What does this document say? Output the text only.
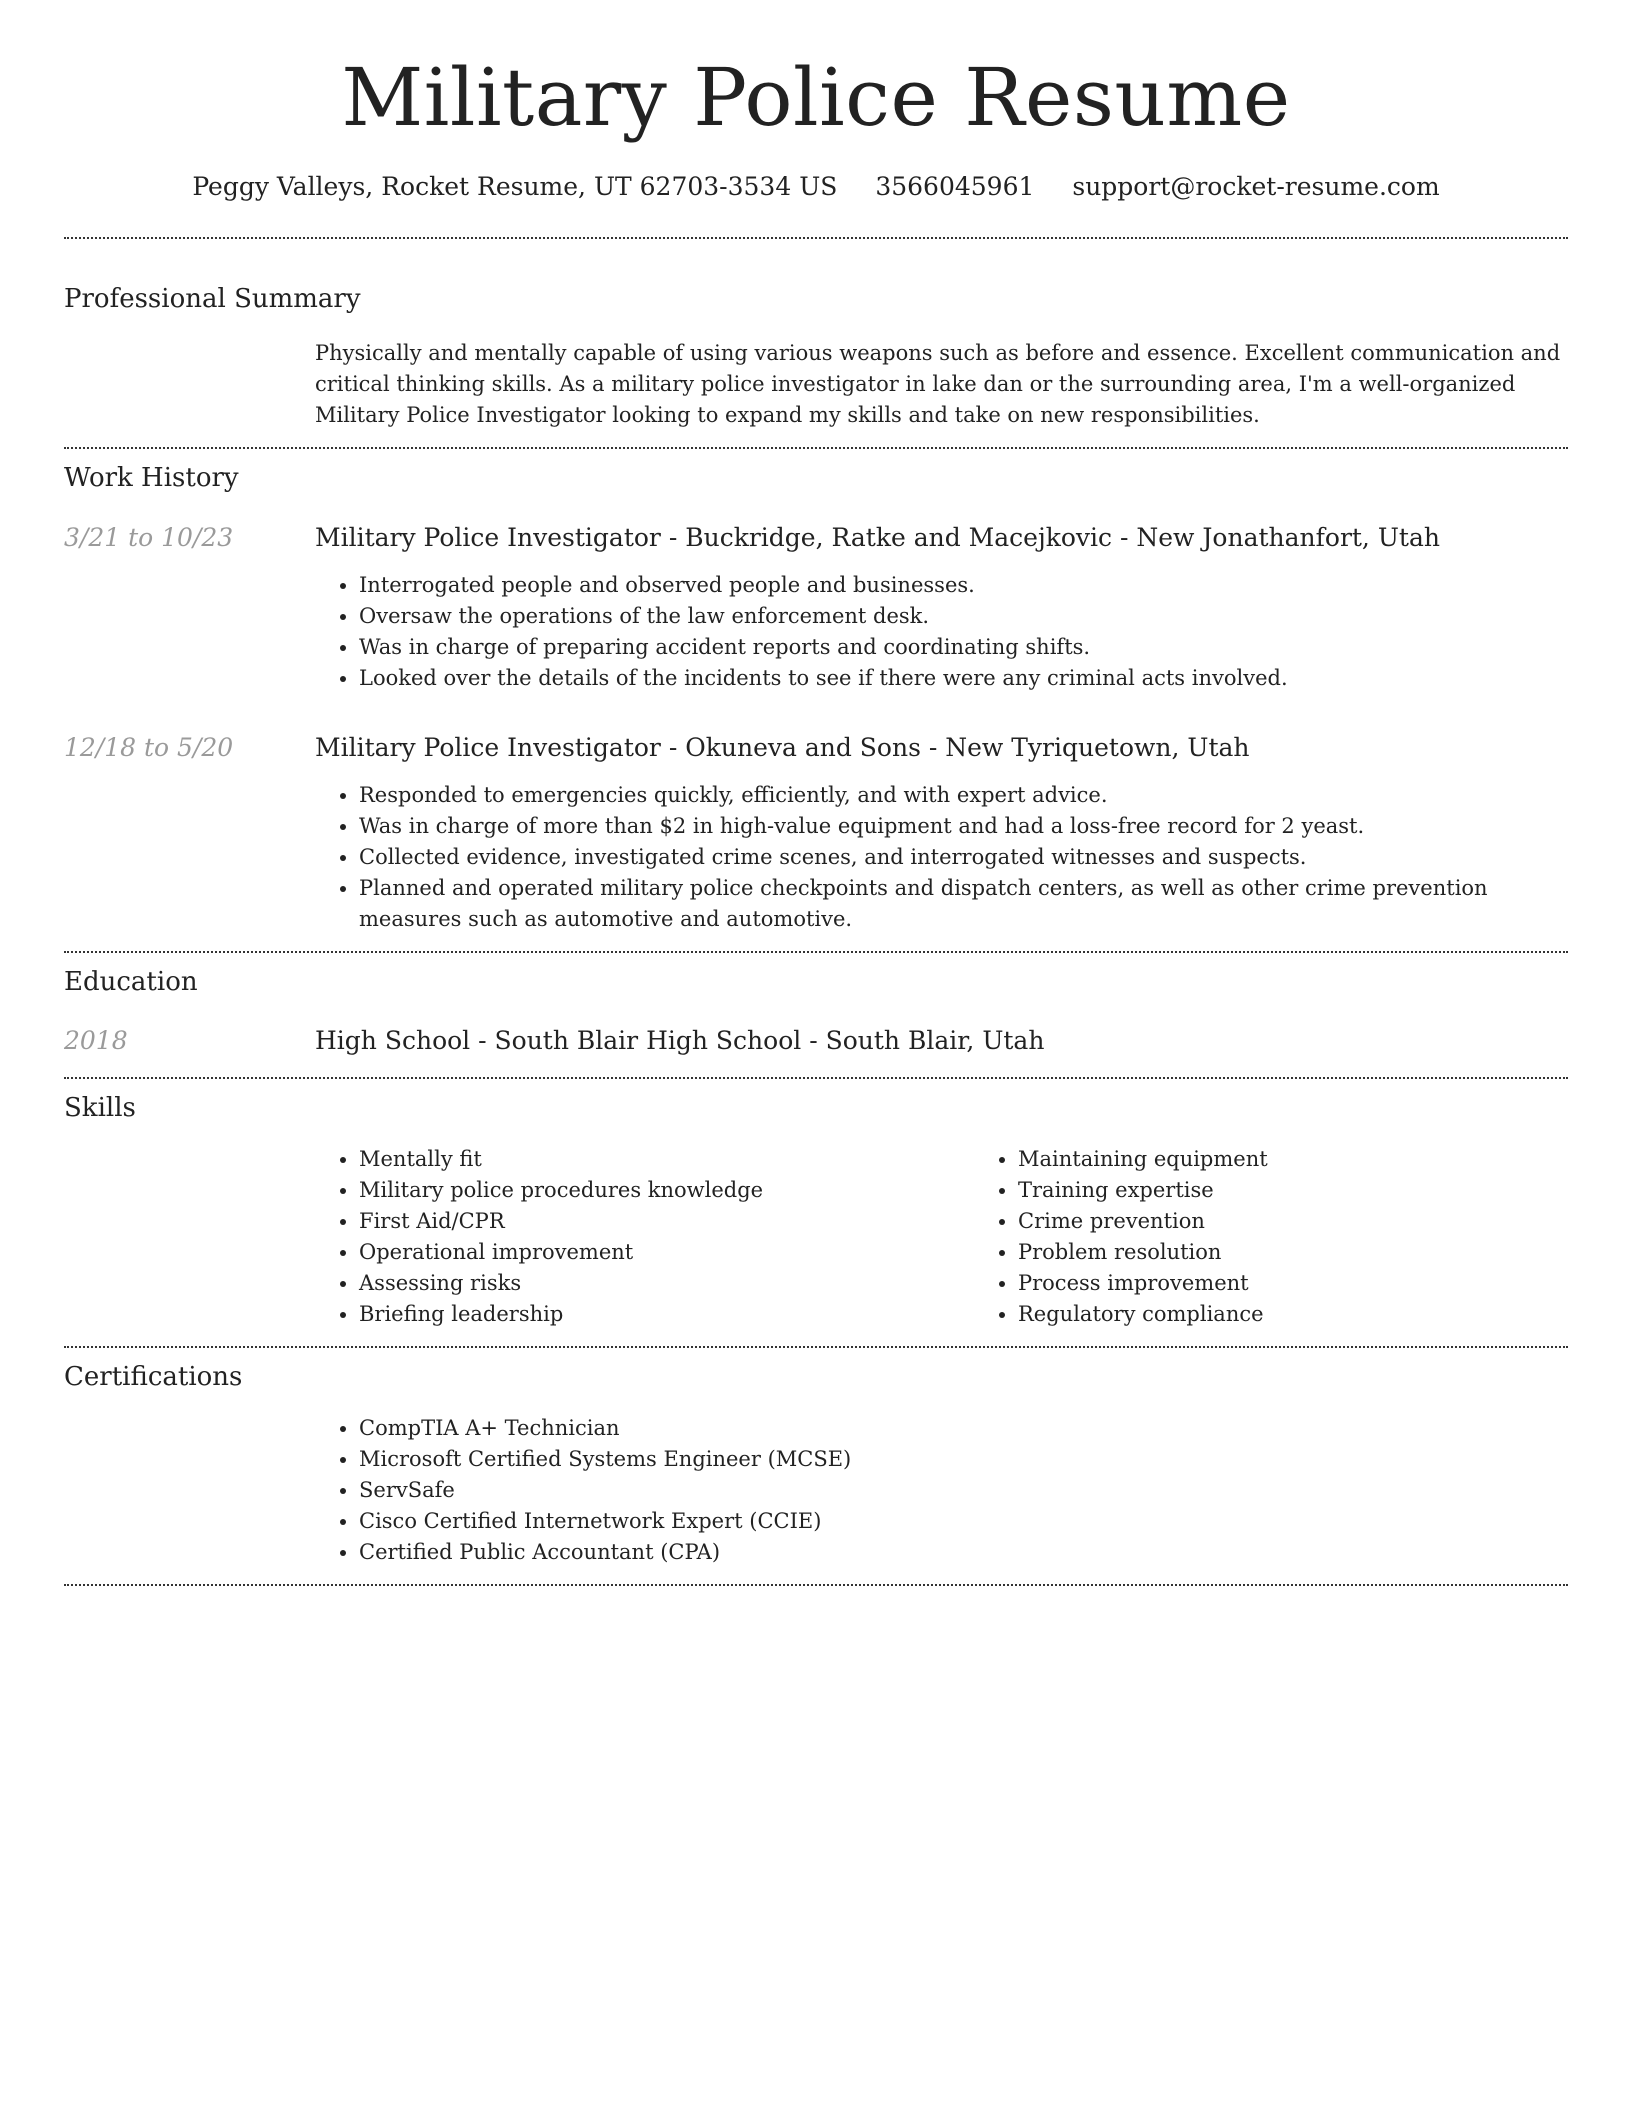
Military Police Resume
Peggy Valleys, Rocket Resume, UT 62703-3534 US 3566045961 support@rocket-resume.com
Professional Summary

Physically and mentally capable of using various weapons such as before and essence. Excellent communication and critical thinking skills. As a military police investigator in lake dan or the surrounding area, I'm a well-organized Military Police Investigator looking to expand my skills and take on new responsibilities.

Work History
3/21 to 10/23	Military Police Investigator - Buckridge, Ratke and Macejkovic - New Jonathanfort, Utah
• Interrogated people and observed people and businesses.
• Oversaw the operations of the law enforcement desk.
• Was in charge of preparing accident reports and coordinating shifts.
• Looked over the details of the incidents to see if there were any criminal acts involved.
12/18 to 5/20	Military Police Investigator - Okuneva and Sons - New Tyriquetown, Utah
• Responded to emergencies quickly, efficiently, and with expert advice.
• Was in charge of more than $2 in high-value equipment and had a loss-free record for 2 yeast.
• Collected evidence, investigated crime scenes, and interrogated witnesses and suspects.
• Planned and operated military police checkpoints and dispatch centers, as well as other crime prevention measures such as automotive and automotive.
Education
2018	High School - South Blair High School - South Blair, Utah
Skills
• Mentally fit
• Military police procedures knowledge
• First Aid/CPR
• Operational improvement
• Assessing risks
• Briefing leadership
• Maintaining equipment
• Training expertise
• Crime prevention
• Problem resolution
• Process improvement
• Regulatory compliance
Certifications
• CompTIA A+ Technician
• Microsoft Certified Systems Engineer (MCSE)
• ServSafe
• Cisco Certified Internetwork Expert (CCIE)
• Certified Public Accountant (CPA)
